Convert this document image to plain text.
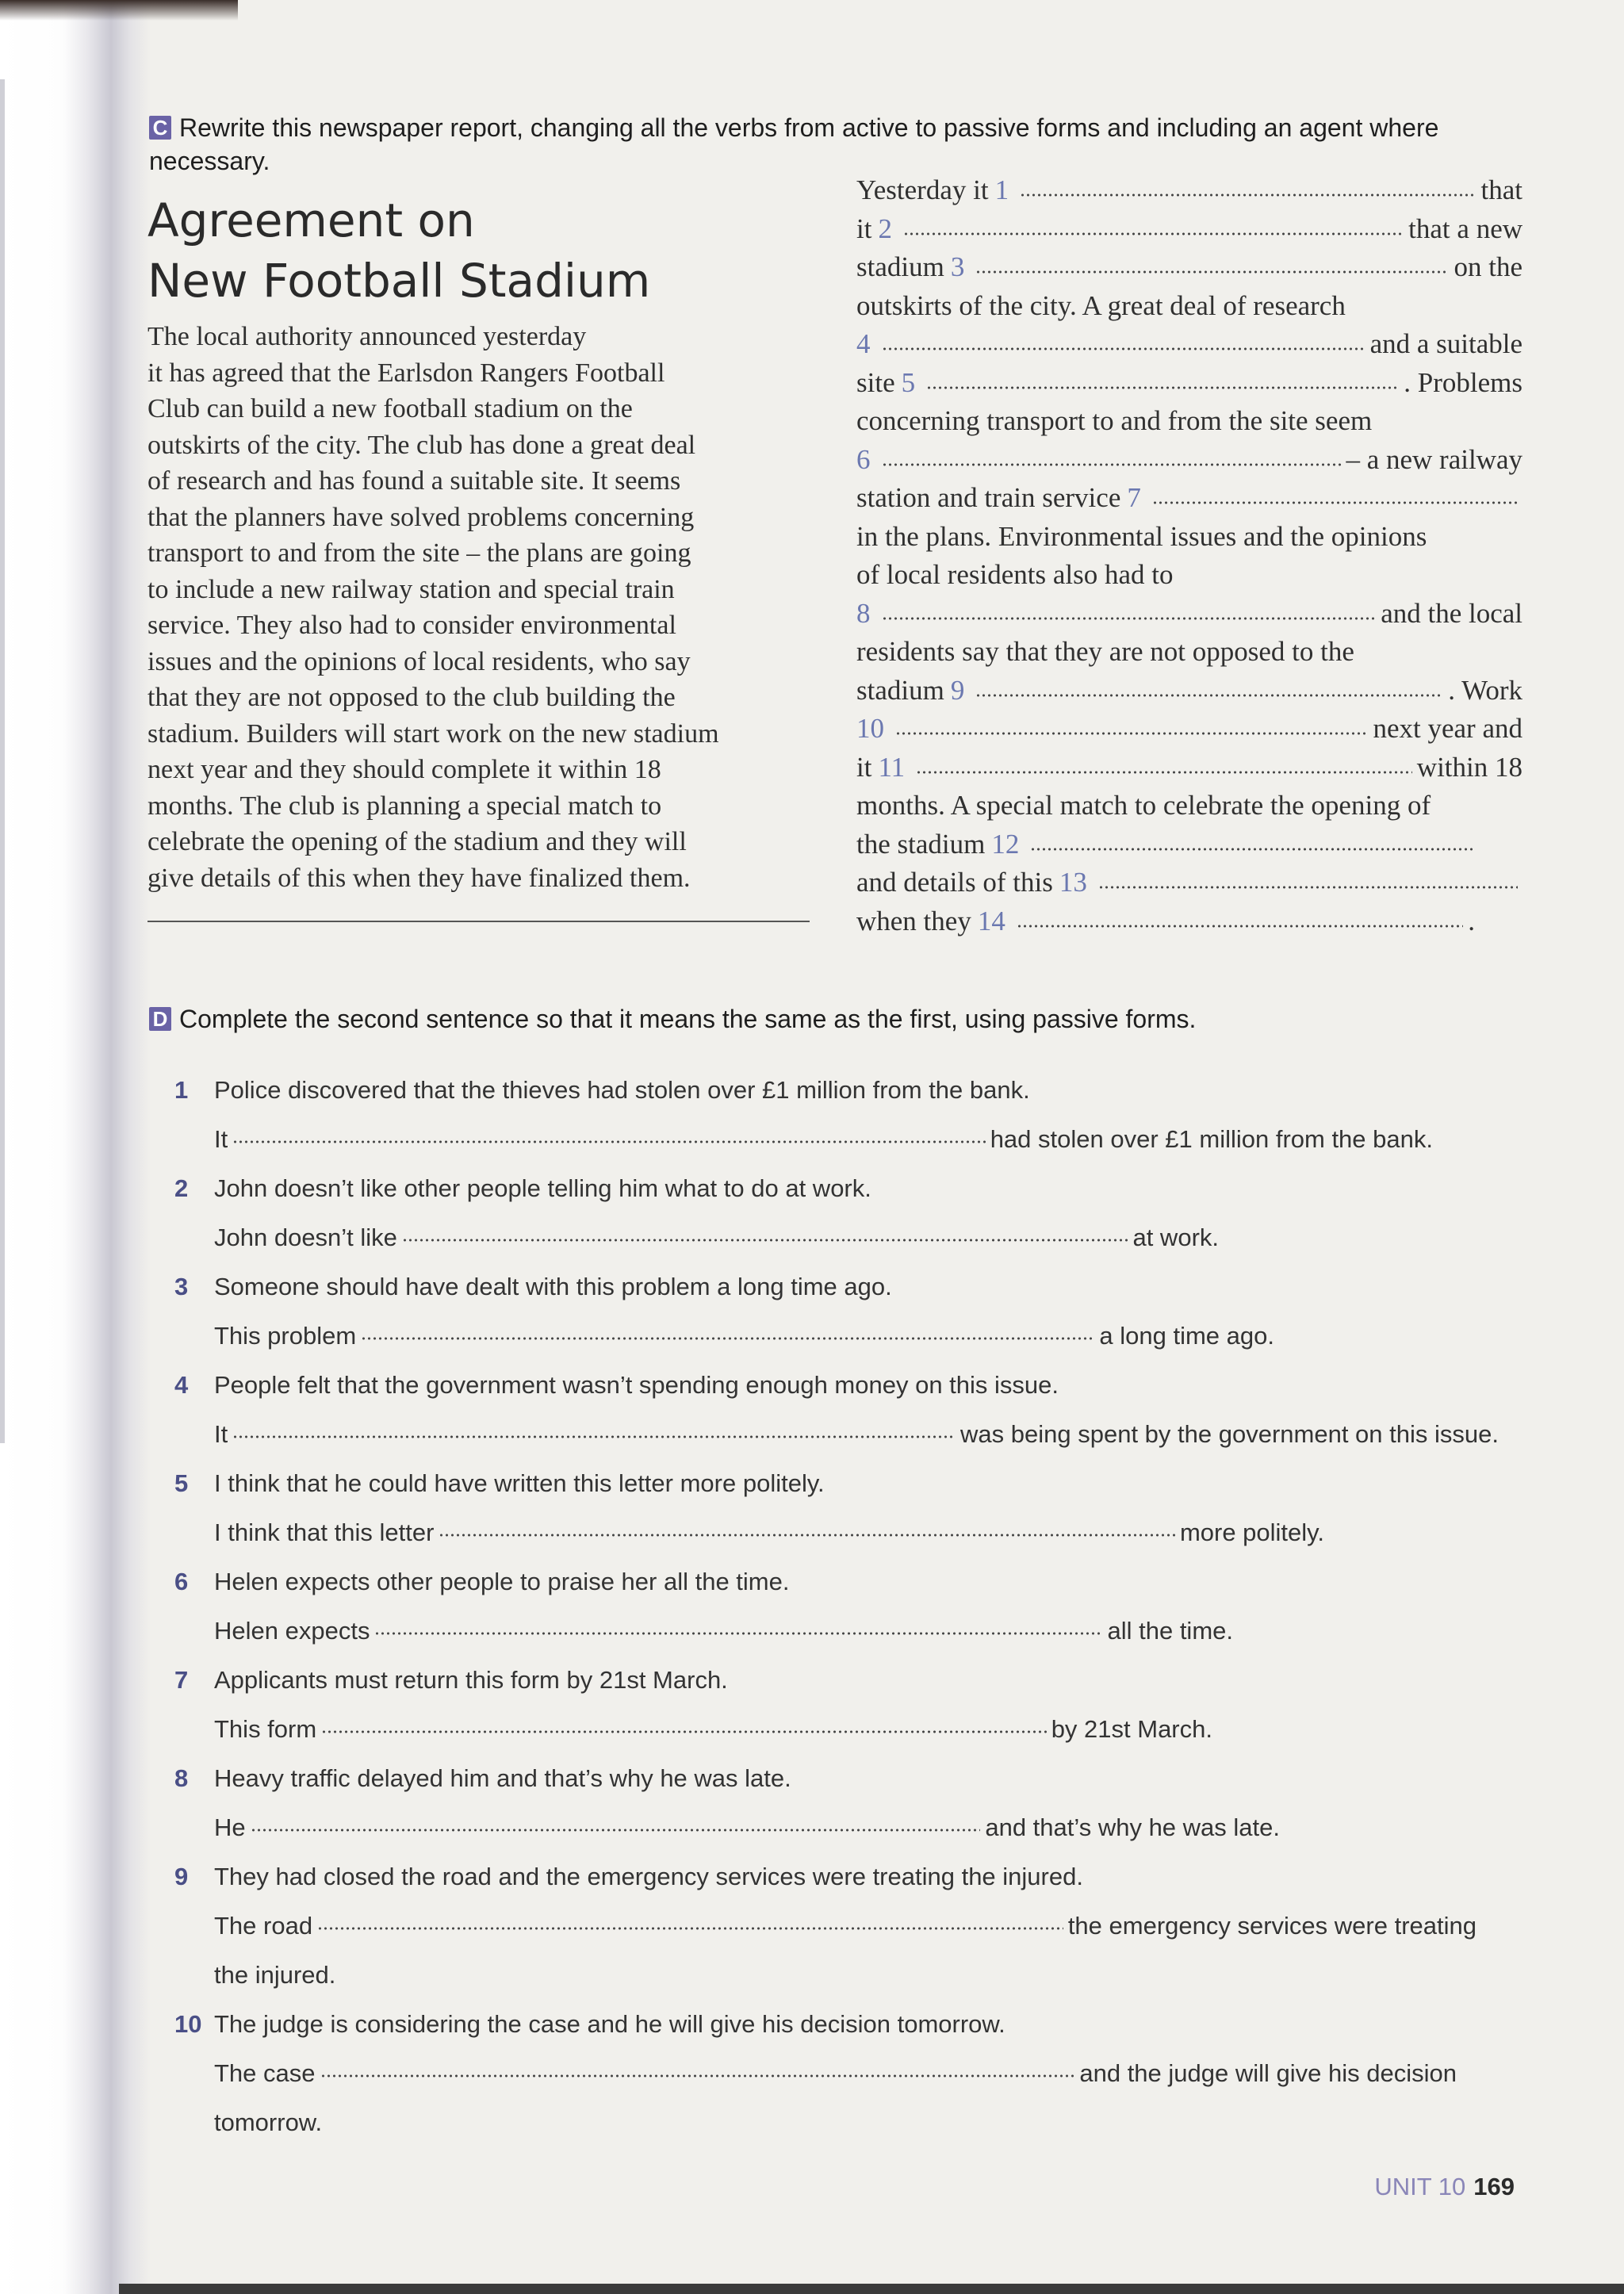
C Rewrite this newspaper report, changing all the verbs from active to passive forms and including an agent where necessary.
Agreement on
New Football Stadium
The local authority announced yesterday
it has agreed that the Earlsdon Rangers Football
Club can build a new football stadium on the
outskirts of the city. The club has done a great deal
of research and has found a suitable site. It seems
that the planners have solved problems concerning
transport to and from the site – the plans are going
to include a new railway station and special train
service. They also had to consider environmental
issues and the opinions of local residents, who say
that they are not opposed to the club building the
stadium. Builders will start work on the new stadium
next year and they should complete it within 18
months. The club is planning a special match to
celebrate the opening of the stadium and they will
give details of this when they have finalized them.
Yesterday it 1	that
it 2	that a new
stadium 3	on the
outskirts of the city. A great deal of research
4	and a suitable
site 5	. Problems
concerning transport to and from the site seem
6	– a new railway
station and train service 7
in the plans. Environmental issues and the opinions
of local residents also had to
8	and the local
residents say that they are not opposed to the
stadium 9	. Work
10	next year and
it 11	within 18
months. A special match to celebrate the opening of
the stadium 12
and details of this 13
when they 14	.
D Complete the second sentence so that it means the same as the first, using passive forms.
1	Police discovered that the thieves had stolen over £1 million from the bank.
It	had stolen over £1 million from the bank.
2	John doesn’t like other people telling him what to do at work.
John doesn’t like	at work.
3	Someone should have dealt with this problem a long time ago.
This problem	a long time ago.
4	People felt that the government wasn’t spending enough money on this issue.
It	was being spent by the government on this issue.
5	I think that he could have written this letter more politely.
I think that this letter	more politely.
6	Helen expects other people to praise her all the time.
Helen expects	all the time.
7	Applicants must return this form by 21st March.
This form	by 21st March.
8	Heavy traffic delayed him and that’s why he was late.
He	and that’s why he was late.
9	They had closed the road and the emergency services were treating the injured.
The road	the emergency services were treating
the injured.
10 The judge is considering the case and he will give his decision tomorrow.
The case	and the judge will give his decision
tomorrow.
UNIT 10 169
